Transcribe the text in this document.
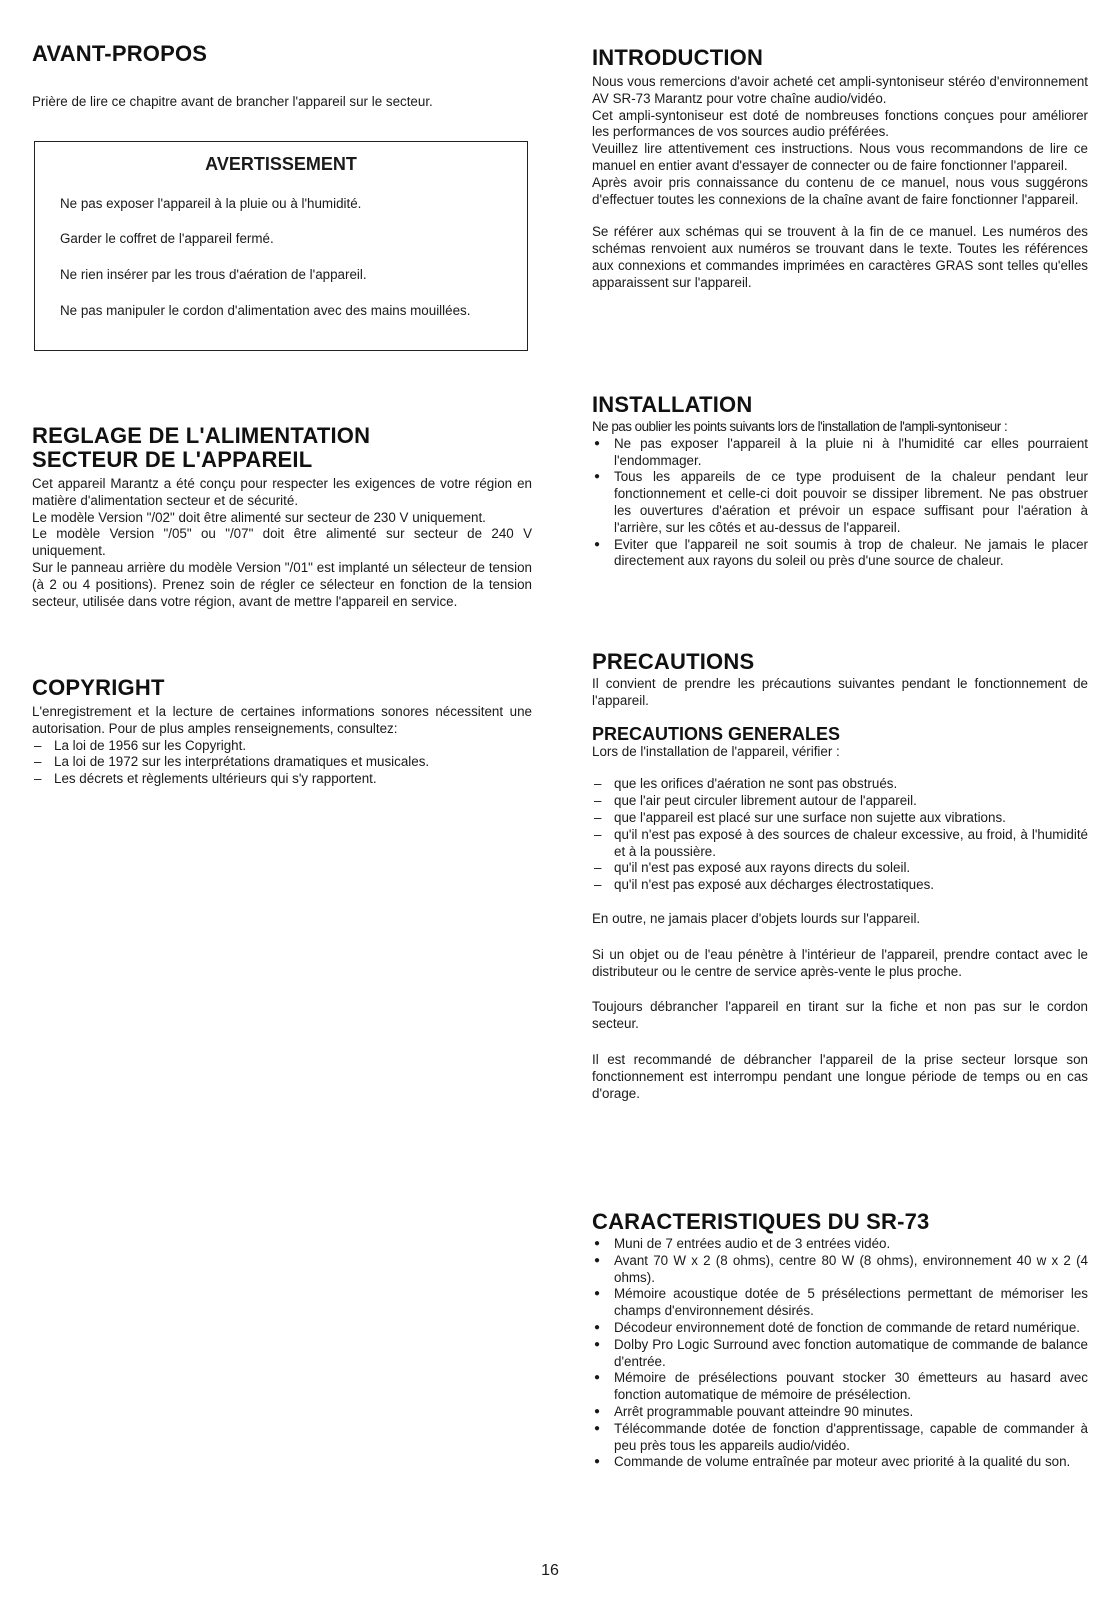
AVANT-PROPOS

Prière de lire ce chapitre avant de brancher l'appareil sur le secteur.

AVERTISSEMENT

Ne pas exposer l'appareil à la pluie ou à l'humidité.

Garder le coffret de l'appareil fermé.

Ne rien insérer par les trous d'aération de l'appareil.

Ne pas manipuler le cordon d'alimentation avec des mains mouillées.

REGLAGE DE L'ALIMENTATION
SECTEUR DE L'APPAREIL

Cet appareil Marantz a été conçu pour respecter les exigences de votre région en matière d'alimentation secteur et de sécurité.

Le modèle Version "/02" doit être alimenté sur secteur de 230 V uniquement.

Le modèle Version "/05" ou "/07" doit être alimenté sur secteur de 240 V uniquement.

Sur le panneau arrière du modèle Version "/01" est implanté un sélecteur de tension (à 2 ou 4 positions). Prenez soin de régler ce sélecteur en fonction de la tension secteur, utilisée dans votre région, avant de mettre l'appareil en service.

COPYRIGHT

L'enregistrement et la lecture de certaines informations sonores nécessitent une autorisation. Pour de plus amples renseignements, consultez:

– La loi de 1956 sur les Copyright.
– La loi de 1972 sur les interprétations dramatiques et musicales.
– Les décrets et règlements ultérieurs qui s'y rapportent.
INTRODUCTION

Nous vous remercions d'avoir acheté cet ampli-syntoniseur stéréo d'environnement AV SR-73 Marantz pour votre chaîne audio/vidéo.

Cet ampli-syntoniseur est doté de nombreuses fonctions conçues pour améliorer les performances de vos sources audio préférées.

Veuillez lire attentivement ces instructions. Nous vous recommandons de lire ce manuel en entier avant d'essayer de connecter ou de faire fonctionner l'appareil.

Après avoir pris connaissance du contenu de ce manuel, nous vous suggérons d'effectuer toutes les connexions de la chaîne avant de faire fonctionner l'appareil.

Se référer aux schémas qui se trouvent à la fin de ce manuel. Les numéros des schémas renvoient aux numéros se trouvant dans le texte. Toutes les références aux connexions et commandes imprimées en caractères GRAS sont telles qu'elles apparaissent sur l'appareil.

INSTALLATION

Ne pas oublier les points suivants lors de l'installation de l'ampli-syntoniseur :

● Ne pas exposer l'appareil à la pluie ni à l'humidité car elles pourraient l'endommager.
● Tous les appareils de ce type produisent de la chaleur pendant leur fonctionnement et celle-ci doit pouvoir se dissiper librement. Ne pas obstruer les ouvertures d'aération et prévoir un espace suffisant pour l'aération à l'arrière, sur les côtés et au-dessus de l'appareil.
● Eviter que l'appareil ne soit soumis à trop de chaleur. Ne jamais le placer directement aux rayons du soleil ou près d'une source de chaleur.
PRECAUTIONS

Il convient de prendre les précautions suivantes pendant le fonctionnement de l'appareil.

PRECAUTIONS GENERALES

Lors de l'installation de l'appareil, vérifier :

– que les orifices d'aération ne sont pas obstrués.
– que l'air peut circuler librement autour de l'appareil.
– que l'appareil est placé sur une surface non sujette aux vibrations.
– qu'il n'est pas exposé à des sources de chaleur excessive, au froid, à l'humidité et à la poussière.
– qu'il n'est pas exposé aux rayons directs du soleil.
– qu'il n'est pas exposé aux décharges électrostatiques.

En outre, ne jamais placer d'objets lourds sur l'appareil.

Si un objet ou de l'eau pénètre à l'intérieur de l'appareil, prendre contact avec le distributeur ou le centre de service après-vente le plus proche.

Toujours débrancher l'appareil en tirant sur la fiche et non pas sur le cordon secteur.

Il est recommandé de débrancher l'appareil de la prise secteur lorsque son fonctionnement est interrompu pendant une longue période de temps ou en cas d'orage.

CARACTERISTIQUES DU SR-73
● Muni de 7 entrées audio et de 3 entrées vidéo.
● Avant 70 W x 2 (8 ohms), centre 80 W (8 ohms), environnement 40 w x 2 (4 ohms).
● Mémoire acoustique dotée de 5 présélections permettant de mémoriser les champs d'environnement désirés.
● Décodeur environnement doté de fonction de commande de retard numérique.
● Dolby Pro Logic Surround avec fonction automatique de commande de balance d'entrée.
● Mémoire de présélections pouvant stocker 30 émetteurs au hasard avec fonction automatique de mémoire de présélection.
● Arrêt programmable pouvant atteindre 90 minutes.
● Télécommande dotée de fonction d'apprentissage, capable de commander à peu près tous les appareils audio/vidéo.
● Commande de volume entraînée par moteur avec priorité à la qualité du son.
16
